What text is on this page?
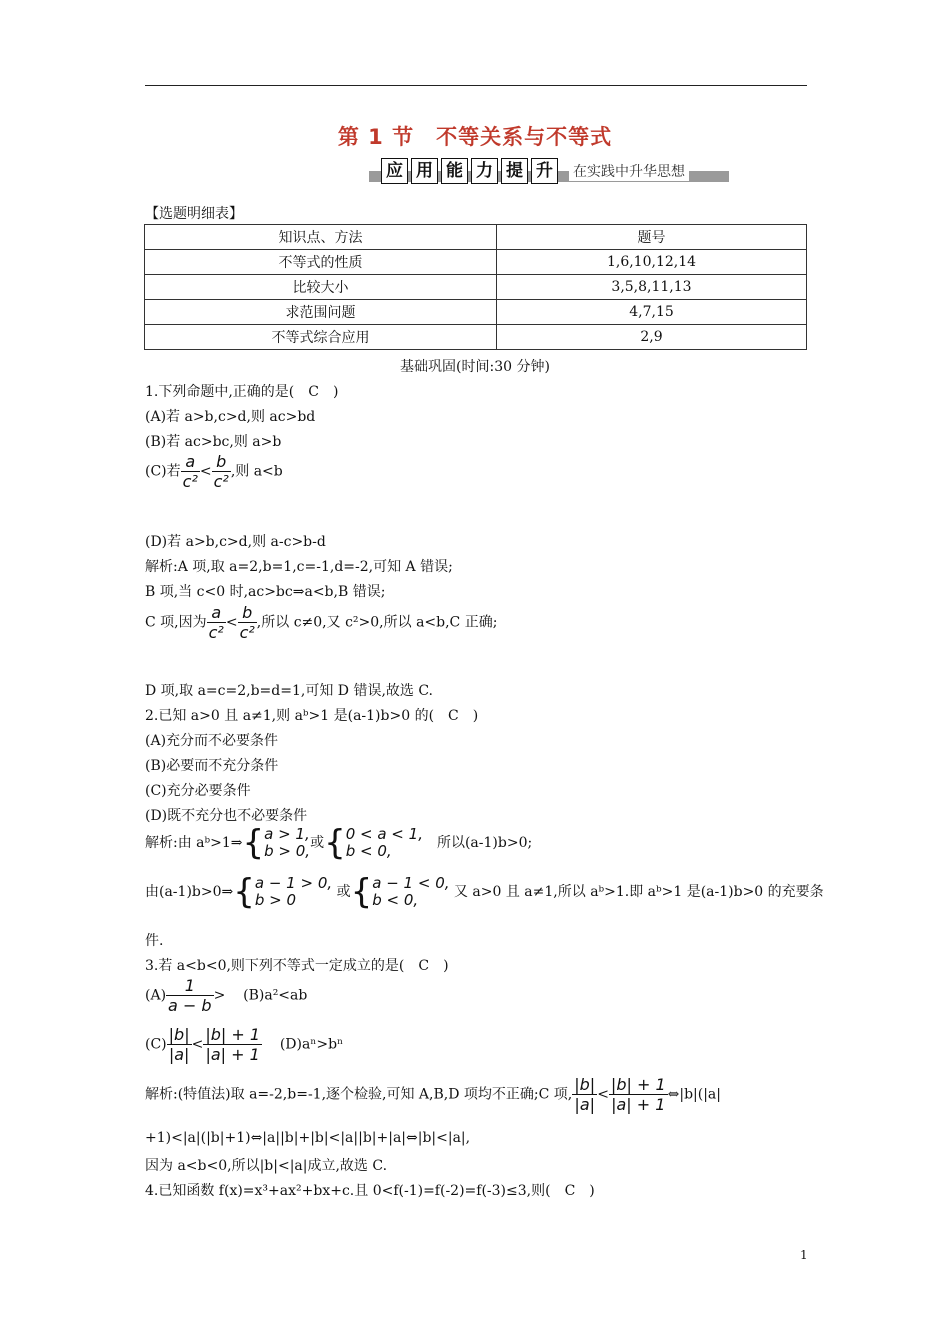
第 1 节　不等关系与不等式
应 用 能 力 提 升	在实践中升华思想
【选题明细表】
知识点、方法	题号
不等式的性质	1,6,10,12,14
比较大小	3,5,8,11,13
求范围问题	4,7,15
不等式综合应用	2,9
基础巩固(时间:30 分钟)
1.下列命题中,正确的是(　C　)
(A)若 a>b,c>d,则 ac>bd
(B)若 ac>bc,则 a>b
(C)若 $\frac{a}{\text{c²}} < \frac{b}{\text{c²}}$ ,则 a<b
(D)若 a>b,c>d,则 a-c>b-d
解析:A 项,取 a=2,b=1,c=-1,d=-2,可知 A 错误;
B 项,当 c<0 时,ac>bc⇒a<b,B 错误;
C 项,因为 $\frac{a}{\text{c²}} < \frac{b}{\text{c²}}$ ,所以 c≠0,又 c²>0,所以 a<b,C 正确;
D 项,取 a=c=2,b=d=1,可知 D 错误,故选 C.
2.已知 a>0 且 a≠1,则 aᵇ>1 是(a-1)b>0 的(　C　)
(A)充分而不必要条件
(B)必要而不充分条件
(C)充分必要条件
(D)既不充分也不必要条件
解析:由 aᵇ>1⇒{a > 1,
b > 0,或{0 < a < 1,
b < 0,　所以(a-1)b>0;
由(a-1)b>0⇒{a − 1 > 0,
b > 0	或{a − 1 < 0,
b < 0,	又 a>0 且 a≠1,所以 aᵇ>1.即 aᵇ>1 是(a-1)b>0 的充要条
件.
3.若 a<b<0,则下列不等式一定成立的是(　C　)
$(A) \frac{1}{a - b} > (B)a^2<ab$
$(C) \frac{|b|}{|a|} < \frac{|b| + 1}{|a| + 1} (D)a^n>b^n$
解析:(特值法)取 a=-2,b=-1,逐个检验,可知 A,B,D 项均不正确;C 项, $\frac{|b|}{|a|} < \frac{|b| + 1}{|a| + 1}$ ⇔|b|(|a|
+1)<|a|(|b|+1)⇔|a||b|+|b|<|a||b|+|a|⇔|b|<|a|,
因为 a<b<0,所以|b|<|a|成立,故选 C.
4.已知函数 f(x)=x³+ax²+bx+c.且 0<f(-1)=f(-2)=f(-3)≤3,则(　C　)
1
